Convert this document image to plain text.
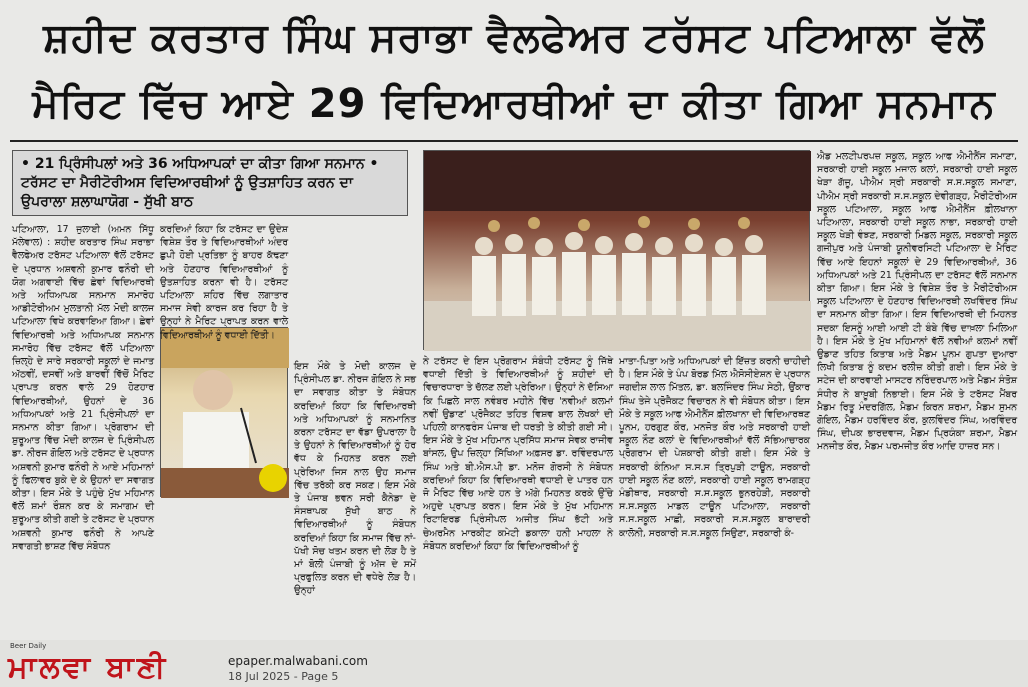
ਸ਼ਹੀਦ ਕਰਤਾਰ ਸਿੰਘ ਸਰਾਭਾ ਵੈਲਫੇਅਰ ਟਰੱਸਟ ਪਟਿਆਲਾ ਵੱਲੋਂ
ਮੈਰਿਟ ਵਿੱਚ ਆਏ 29 ਵਿਦਿਆਰਥੀਆਂ ਦਾ ਕੀਤਾ ਗਿਆ ਸਨਮਾਨ
• 21 ਪ੍ਰਿੰਸੀਪਲਾਂ ਅਤੇ 36 ਅਧਿਆਪਕਾਂ ਦਾ ਕੀਤਾ ਗਿਆ ਸਨਮਾਨ • ਟਰੱਸਟ ਦਾ ਮੈਰੀਟੋਰੀਅਸ ਵਿਦਿਆਰਥੀਆਂ ਨੂੰ ਉਤਸ਼ਾਹਿਤ ਕਰਨ ਦਾ ਉਪਰਾਲਾ ਸ਼ਲਾਘਾਯੋਗ - ਸੁੱਖੀ ਬਾਠ

ਪਟਿਆਲਾ, 17 ਜੁਲਾਈ (ਅਮਨ ਸਿੱਧੂ ਮੱਲੇਵਾਲ) : ਸ਼ਹੀਦ ਕਰਤਾਰ ਸਿੰਘ ਸਰਾਭਾ ਵੈਲਫੇਅਰ ਟਰੱਸਟ ਪਟਿਆਲਾ ਵੱਲੋਂ ਟਰੱਸਟ ਦੇ ਪ੍ਰਧਾਨ ਅਸ਼ਵਨੀ ਕੁਮਾਰ ਫਨੌਰੀ ਦੀ ਯੋਗ ਅਗਵਾਈ ਵਿੱਚ ਛੇਵਾਂ ਵਿਦਿਆਰਥੀ ਅਤੇ ਅਧਿਆਪਕ ਸਨਮਾਨ ਸਮਾਰੋਹ ਆਡੀਟੋਰੀਅਮ ਮੁਲਤਾਨੀ ਮੱਲ ਮੋਦੀ ਕਾਲਜ ਪਟਿਆਲਾ ਵਿਖੇ ਕਰਵਾਇਆ ਗਿਆ। ਛੇਵਾਂ ਵਿਦਿਆਰਥੀ ਅਤੇ ਅਧਿਆਪਕ ਸਨਮਾਨ ਸਮਾਰੋਹ ਵਿੱਚ ਟਰੱਸਟ ਵੱਲੋਂ ਪਟਿਆਲਾ ਜ਼ਿਲ੍ਹੇ ਦੇ ਸਾਰੇ ਸਰਕਾਰੀ ਸਕੂਲਾਂ ਦੇ ਜਮਾਤ ਅੱਠਵੀਂ, ਦਸਵੀਂ ਅਤੇ ਬਾਰਵੀਂ ਵਿੱਚੋਂ ਮੈਰਿਟ ਪ੍ਰਾਪਤ ਕਰਨ ਵਾਲੇ 29 ਹੋਣਹਾਰ ਵਿਦਿਆਰਥੀਆਂ, ਉਹਨਾਂ ਦੇ 36 ਅਧਿਆਪਕਾਂ ਅਤੇ 21 ਪ੍ਰਿੰਸੀਪਲਾਂ ਦਾ ਸਨਮਾਨ ਕੀਤਾ ਗਿਆ। ਪ੍ਰੋਗਰਾਮ ਦੀ ਸ਼ੁਰੂਆਤ ਵਿੱਚ ਮੋਦੀ ਕਾਲਜ ਦੇ ਪ੍ਰਿੰਸੀਪਲ ਡਾ. ਨੀਰਜ ਗੋਇਲ ਅਤੇ ਟਰੱਸਟ ਦੇ ਪ੍ਰਧਾਨ ਅਸ਼ਵਨੀ ਕੁਮਾਰ ਫਨੌਰੀ ਨੇ ਆਏ ਮਹਿਮਾਨਾਂ ਨੂੰ ਫਿਲਾਵਰ ਬੁਕੇ ਦੇ ਕੇ ਉਹਨਾਂ ਦਾ ਸਵਾਗਤ ਕੀਤਾ। ਇਸ ਮੌਕੇ ਤੇ ਪਹੁੰਚੇ ਮੁੱਖ ਮਹਿਮਾਨ ਵੱਲੋਂ ਸ਼ਮਾਂ ਰੌਸ਼ਨ ਕਰ ਕੇ ਸਮਾਗਮ ਦੀ ਸ਼ੁਰੂਆਤ ਕੀਤੀ ਗਈ ਤੇ ਟਰੱਸਟ ਦੇ ਪ੍ਰਧਾਨ ਅਸ਼ਵਨੀ ਕੁਮਾਰ ਫਨੌਰੀ ਨੇ ਆਪਣੇ ਸਵਾਗਤੀ ਭਾਸ਼ਣ ਵਿੱਚ ਸੰਬੋਧਨ

ਕਰਦਿਆਂ ਕਿਹਾ ਕਿ ਟਰੱਸਟ ਦਾ ਉਦੇਸ਼ ਵਿਸ਼ੇਸ਼ ਤੌਰ ਤੇ ਵਿਦਿਆਰਥੀਆਂ ਅੰਦਰ ਛੁਪੀ ਹੋਈ ਪ੍ਰਤਿਭਾ ਨੂੰ ਬਾਹਰ ਕੱਢਣਾ ਅਤੇ ਹੋਣਹਾਰ ਵਿਦਿਆਰਥੀਆਂ ਨੂੰ ਉਤਸ਼ਾਹਿਤ ਕਰਨਾ ਵੀ ਹੈ। ਟਰੱਸਟ ਪਟਿਆਲਾ ਸ਼ਹਿਰ ਵਿੱਚ ਲਗਾਤਾਰ ਸਮਾਜ ਸੇਵੀ ਕਾਰਜ ਕਰ ਰਿਹਾ ਹੈ ਤੇ ਉਨ੍ਹਾਂ ਨੇ ਮੈਰਿਟ ਪ੍ਰਾਪਤ ਕਰਨ ਵਾਲੇ ਵਿਦਿਆਰਥੀਆਂ ਨੂੰ ਵਧਾਈ ਦਿੱਤੀ।

ਇਸ ਮੌਕੇ ਤੇ ਮੋਦੀ ਕਾਲਜ ਦੇ ਪ੍ਰਿੰਸੀਪਲ ਡਾ. ਨੀਰਜ ਗੋਇਲ ਨੇ ਸਭ ਦਾ ਸਵਾਗਤ ਕੀਤਾ ਤੇ ਸੰਬੋਧਨ ਕਰਦਿਆਂ ਕਿਹਾ ਕਿ ਵਿਦਿਆਰਥੀ ਅਤੇ ਅਧਿਆਪਕਾਂ ਨੂੰ ਸਨਮਾਨਿਤ ਕਰਨਾ ਟਰੱਸਟ ਦਾ ਵੱਡਾ ਉਪਰਾਲਾ ਹੈ ਤੇ ਉਹਨਾਂ ਨੇ ਵਿਦਿਆਰਥੀਆਂ ਨੂੰ ਹੋਰ ਵੱਧ ਕੇ ਮਿਹਨਤ ਕਰਨ ਲਈ ਪ੍ਰੇਰਿਆ ਜਿਸ ਨਾਲ ਉਹ ਸਮਾਜ ਵਿੱਚ ਤਰੱਕੀ ਕਰ ਸਕਣ। ਇਸ ਮੌਕੇ ਤੇ ਪੰਜਾਬ ਭਵਨ ਸਰੀ ਕੈਨੇਡਾ ਦੇ ਸੰਸਥਾਪਕ ਸੁੱਖੀ ਬਾਠ ਨੇ ਵਿਦਿਆਰਥੀਆਂ ਨੂੰ ਸੰਬੋਧਨ ਕਰਦਿਆਂ ਕਿਹਾ ਕਿ ਸਮਾਜ ਵਿੱਚ ਨਾਂ-ਪੱਖੀ ਸੋਚ ਖਤਮ ਕਰਨ ਦੀ ਲੋੜ ਹੈ ਤੇ ਮਾਂ ਬੋਲੀ ਪੰਜਾਬੀ ਨੂੰ ਅੱਜ ਦੇ ਸਮੇਂ ਪ੍ਰਫੁਲਿਤ ਕਰਨ ਦੀ ਵਧੇਰੇ ਲੋੜ ਹੈ। ਉਨ੍ਹਾਂ

ਨੇ ਟਰੱਸਟ ਦੇ ਇਸ ਪ੍ਰੋਗਰਾਮ ਸੰਬੰਧੀ ਟਰੱਸਟ ਨੂੰ ਜਿੱਥੇ ਵਧਾਈ ਦਿੱਤੀ ਤੇ ਵਿਦਿਆਰਥੀਆਂ ਨੂੰ ਸ਼ਹੀਦਾਂ ਦੀ ਵਿਚਾਰਧਾਰਾ ਤੇ ਚੱਲਣ ਲਈ ਪ੍ਰੇਰਿਆ। ਉਨ੍ਹਾਂ ਨੇ ਦੱਸਿਆ ਕਿ ਪਿਛਲੇ ਸਾਲ ਨਵੰਬਰ ਮਹੀਨੇ ਵਿੱਚ 'ਨਵੀਆਂ ਕਲਮਾਂ ਨਵੀਂ ਉਡਾਣ' ਪ੍ਰੋਜੈਕਟ ਤਹਿਤ ਵਿਸ਼ਵ ਬਾਲ ਲੇਖਕਾਂ ਦੀ ਪਹਿਲੀ ਕਾਨਫਰੰਸ ਪੰਜਾਬ ਦੀ ਧਰਤੀ ਤੇ ਕੀਤੀ ਗਈ ਸੀ। ਇਸ ਮੌਕੇ ਤੇ ਮੁੱਖ ਮਹਿਮਾਨ ਪ੍ਰਸਿੱਧ ਸਮਾਜ ਸੇਵਕ ਰਾਜੀਵ ਬਾਂਸਲ, ਉਪ ਜ਼ਿਲ੍ਹਾ ਸਿੱਖਿਆ ਅਫ਼ਸਰ ਡਾ. ਰਵਿੰਦਰਪਾਲ ਸਿੰਘ ਅਤੇ ਬੀ.ਐਸ.ਪੀ ਡਾ. ਮਨੋਜ ਗੋਰਸੀ ਨੇ ਸੰਬੋਧਨ ਕਰਦਿਆਂ ਕਿਹਾ ਕਿ ਵਿਦਿਆਰਥੀ ਵਧਾਈ ਦੇ ਪਾਤਰ ਹਨ ਜੋ ਮੈਰਿਟ ਵਿੱਚ ਆਏ ਹਨ ਤੇ ਅੱਗੇ ਮਿਹਨਤ ਕਰਕੇ ਉੱਚੇ ਅਹੁਦੇ ਪ੍ਰਾਪਤ ਕਰਨ। ਇਸ ਮੌਕੇ ਤੇ ਮੁੱਖ ਮਹਿਮਾਨ ਰਿਟਾਇਰਡ ਪ੍ਰਿੰਸੀਪਲ ਅਜੀਤ ਸਿੰਘ ਭੱਟੀ ਅਤੇ ਚੇਅਰਮੈਨ ਮਾਰਕੀਟ ਕਮੇਟੀ ਡਕਾਲਾ ਹਨੀ ਮਾਹਲਾ ਨੇ ਸੰਬੋਧਨ ਕਰਦਿਆਂ ਕਿਹਾ ਕਿ ਵਿਦਿਆਰਥੀਆਂ ਨੂੰ

ਮਾਤਾ-ਪਿਤਾ ਅਤੇ ਅਧਿਆਪਕਾਂ ਦੀ ਇੱਜ਼ਤ ਕਰਨੀ ਚਾਹੀਦੀ ਹੈ। ਇਸ ਮੌਕੇ ਤੇ ਪੰਪ ਬੋਰਡ ਮਿੱਲ ਐਸੋਸੀਏਸ਼ਨ ਦੇ ਪ੍ਰਧਾਨ ਜਗਦੀਸ਼ ਲਾਲ ਮਿੱਤਲ, ਡਾ. ਬਲਜਿੰਦਰ ਸਿੰਘ ਸੇਠੀ, ਉਂਕਾਰ ਸਿੰਘ ਤੇਜੇ ਪ੍ਰੋਜੈਕਟ ਵਿਚਾਰਨ ਨੇ ਵੀ ਸੰਬੋਧਨ ਕੀਤਾ। ਇਸ ਮੌਕੇ ਤੇ ਸਕੂਲ ਆਫ ਐਮੀਨੈਂਸ ਫ਼ੀਲਖਾਨਾ ਦੀ ਵਿਦਿਆਰਥਣ ਪੂਨਮ, ਹਰਗੁਣ ਕੌਰ, ਮਨਜੋਤ ਕੌਰ ਅਤੇ ਸਰਕਾਰੀ ਹਾਈ ਸਕੂਲ ਨੌਣ ਕਲਾਂ ਦੇ ਵਿਦਿਆਰਥੀਆਂ ਵੱਲੋਂ ਸੱਭਿਆਚਾਰਕ ਪ੍ਰੋਗਰਾਮ ਦੀ ਪੇਸ਼ਕਾਰੀ ਕੀਤੀ ਗਈ। ਇਸ ਮੌਕੇ ਤੇ ਸਰਕਾਰੀ ਕੰਨਿਆ ਸ.ਸ.ਸ ਤ੍ਰਿਪੁੜੀ ਟਾਊਨ, ਸਰਕਾਰੀ ਹਾਈ ਸਕੂਲ ਨੌਣ ਕਲਾਂ, ਸਰਕਾਰੀ ਹਾਈ ਸਕੂਲ ਰਾਮਗੜ੍ਹ ਮੰਡੀਥਾਰ, ਸਰਕਾਰੀ ਸ.ਸ.ਸਕੂਲ ਭੁਨਰਹੇੜੀ, ਸਰਕਾਰੀ ਸ.ਸ.ਸਕੂਲ ਮਾਡਲ ਟਾਊਨ ਪਟਿਆਲਾ, ਸਰਕਾਰੀ ਸ.ਸ.ਸਕੂਲ ਮਾਛੀ, ਸਰਕਾਰੀ ਸ.ਸ.ਸਕੂਲ ਬਾਰਾਦਰੀ ਕਾਲੋਨੀ, ਸਰਕਾਰੀ ਸ.ਸ.ਸਕੂਲ ਸਿਉਣਾ, ਸਰਕਾਰੀ ਕੰ-

ਐਡ ਮਲਟੀਪਰਪਜ਼ ਸਕੂਲ, ਸਕੂਲ ਆਫ ਐਮੀਨੈਂਸ ਸਮਾਣਾ, ਸਰਕਾਰੀ ਹਾਈ ਸਕੂਲ ਮਜਾਲ ਕਲਾਂ, ਸਰਕਾਰੀ ਹਾਈ ਸਕੂਲ ਖੇੜਾ ਗੱਜੂ, ਪੀਐਮ ਸ੍ਰੀ ਸਰਕਾਰੀ ਸ.ਸ.ਸਕੂਲ ਸਮਾਣਾ, ਪੀਐਮ ਸ੍ਰੀ ਸਰਕਾਰੀ ਸ.ਸ.ਸਕੂਲ ਦੇਵੀਗੜ੍ਹ, ਮੈਰੀਟੋਰੀਅਸ ਸਕੂਲ ਪਟਿਆਲਾ, ਸਕੂਲ ਆਫ ਐਮੀਨੈਂਸ ਫ਼ੀਲਖਾਨਾ ਪਟਿਆਲਾ, ਸਰਕਾਰੀ ਹਾਈ ਸਕੂਲ ਨਾਭਾ, ਸਰਕਾਰੀ ਹਾਈ ਸਕੂਲ ਖੇੜੀ ਵੰਝਣ, ਸਰਕਾਰੀ ਮਿਡਲ ਸਕੂਲ, ਸਰਕਾਰੀ ਸਕੂਲ ਗਜੀਪੁਰ ਅਤੇ ਪੰਜਾਬੀ ਯੂਨੀਵਰਸਿਟੀ ਪਟਿਆਲਾ ਦੇ ਮੈਰਿਟ ਵਿੱਚ ਆਏ ਇਹਨਾਂ ਸਕੂਲਾਂ ਦੇ 29 ਵਿਦਿਆਰਥੀਆਂ, 36 ਅਧਿਆਪਕਾਂ ਅਤੇ 21 ਪ੍ਰਿੰਸੀਪਲ ਦਾ ਟਰੱਸਟ ਵੱਲੋਂ ਸਨਮਾਨ ਕੀਤਾ ਗਿਆ। ਇਸ ਮੌਕੇ ਤੇ ਵਿਸ਼ੇਸ਼ ਤੌਰ ਤੇ ਮੈਰੀਟੋਰੀਅਸ ਸਕੂਲ ਪਟਿਆਲਾ ਦੇ ਹੋਣਹਾਰ ਵਿਦਿਆਰਥੀ ਲਖਵਿੰਦਰ ਸਿੰਘ ਦਾ ਸਨਮਾਨ ਕੀਤਾ ਗਿਆ। ਇਸ ਵਿਦਿਆਰਥੀ ਦੀ ਮਿਹਨਤ ਸਦਕਾ ਇਸਨੂੰ ਆਈ ਆਈ ਟੀ ਬੰਬੇ ਵਿੱਚ ਦਾਖ਼ਲਾ ਮਿਲਿਆ ਹੈ। ਇਸ ਮੌਕੇ ਤੇ ਮੁੱਖ ਮਹਿਮਾਨਾਂ ਵੱਲੋਂ ਨਵੀਆਂ ਕਲਮਾਂ ਨਵੀਂ ਉਡਾਣ ਤਹਿਤ ਕਿਤਾਬ ਅਤੇ ਮੈਡਮ ਪੂਨਮ ਗੁਪਤਾ ਦੁਆਰਾ ਲਿਖੀ ਕਿਤਾਬ ਨੂੰ ਕਦਮ ਰਲੀਜ਼ ਕੀਤੀ ਗਈ। ਇਸ ਮੌਕੇ ਤੇ ਸਟੇਜ ਦੀ ਕਾਰਵਾਈ ਮਾਸਟਰ ਨਰਿੰਦਰਪਾਲ ਅਤੇ ਮੈਡਮ ਸੰਤੋਸ਼ ਸੰਧੀਰ ਨੇ ਬਾਖ਼ੂਬੀ ਨਿਭਾਈ। ਇਸ ਮੌਕੇ ਤੇ ਟਰੱਸਟ ਮੈਂਬਰ ਮੈਡਮ ਰਿਤੂ ਮੰਦਰਗਿੱਲ, ਮੈਡਮ ਕਿਰਨ ਸ਼ਰਮਾ, ਮੈਡਮ ਸੁਮਨ ਗੋਇਲ, ਮੈਡਮ ਹਰਵਿੰਦਰ ਕੌਰ, ਕੁਲਵਿੰਦਰ ਸਿੰਘ, ਅਰਵਿੰਦਰ ਸਿੰਘ, ਦੀਪਕ ਭਾਰਦਵਾਜ, ਮੈਡਮ ਪ੍ਰਿਯੰਕਾ ਸ਼ਰਮਾ, ਮੈਡਮ ਮਨਜੀਤ ਕੌਰ, ਮੈਡਮ ਪਰਮਜੀਤ ਕੌਰ ਆਦਿ ਹਾਜ਼ਰ ਸਨ।

Beer Daily
ਮਾਲਵਾ ਬਾਣੀ	epaper.malwabani.com
18 Jul 2025 - Page 5
